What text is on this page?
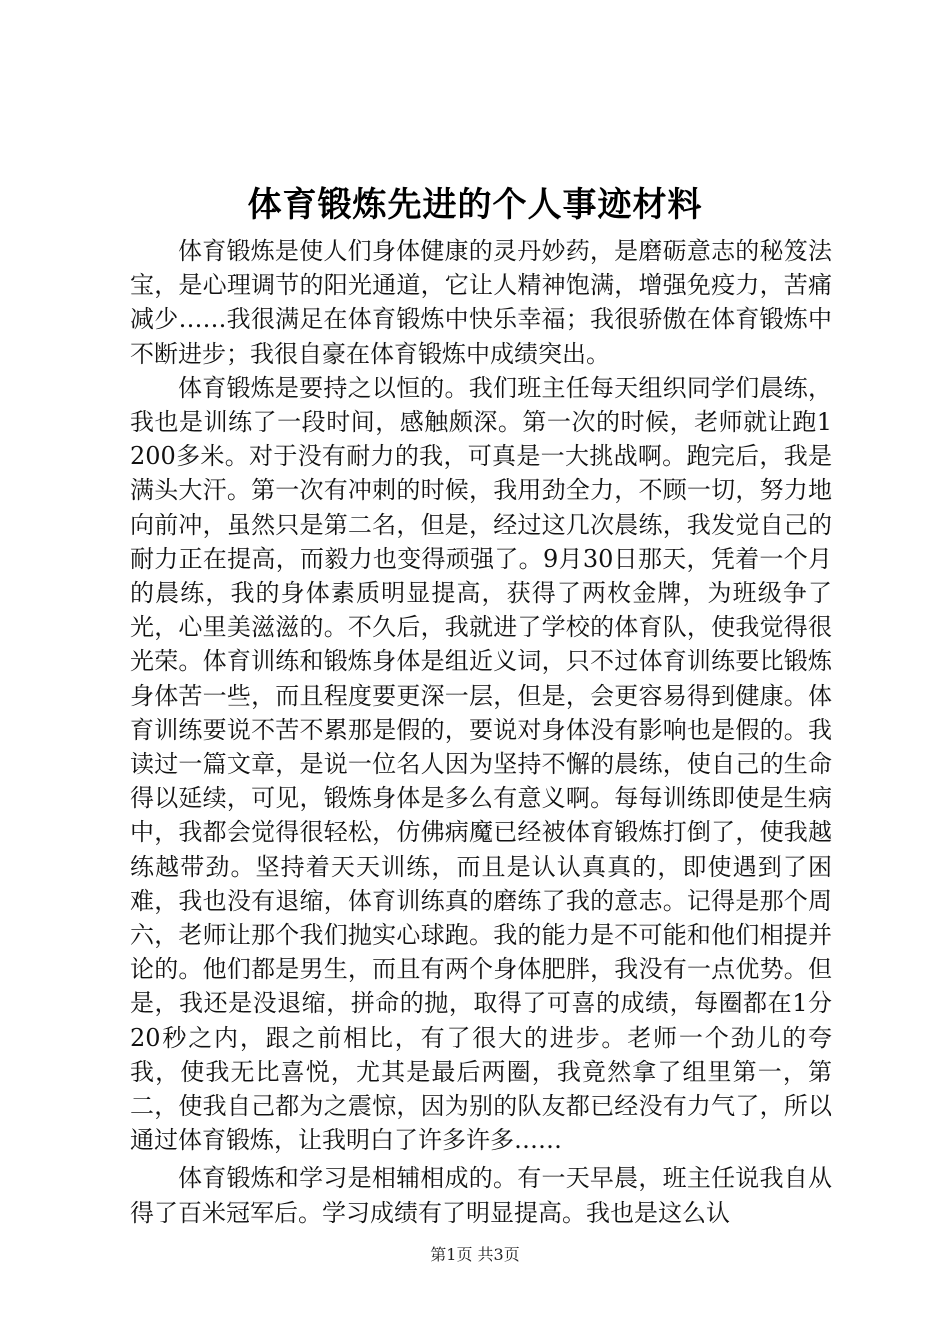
体育锻炼先进的个人事迹材料

体育锻炼是使人们身体健康的灵丹妙药，是磨砺意志的秘笈法宝，是心理调节的阳光通道，它让人精神饱满，增强免疫力，苦痛减少……我很满足在体育锻炼中快乐幸福；我很骄傲在体育锻炼中不断进步；我很自豪在体育锻炼中成绩突出。

体育锻炼是要持之以恒的。我们班主任每天组织同学们晨练，我也是训练了一段时间，感触颇深。第一次的时候，老师就让跑1200多米。对于没有耐力的我，可真是一大挑战啊。跑完后，我是满头大汗。第一次有冲刺的时候，我用劲全力，不顾一切，努力地向前冲，虽然只是第二名，但是，经过这几次晨练，我发觉自己的耐力正在提高，而毅力也变得顽强了。9月30日那天，凭着一个月的晨练，我的身体素质明显提高，获得了两枚金牌，为班级争了光，心里美滋滋的。不久后，我就进了学校的体育队，使我觉得很光荣。体育训练和锻炼身体是组近义词，只不过体育训练要比锻炼身体苦一些，而且程度要更深一层，但是，会更容易得到健康。体育训练要说不苦不累那是假的，要说对身体没有影响也是假的。我读过一篇文章，是说一位名人因为坚持不懈的晨练，使自己的生命得以延续，可见，锻炼身体是多么有意义啊。每每训练即使是生病中，我都会觉得很轻松，仿佛病魔已经被体育锻炼打倒了，使我越练越带劲。坚持着天天训练，而且是认认真真的，即使遇到了困难，我也没有退缩，体育训练真的磨练了我的意志。记得是那个周六，老师让那个我们抛实心球跑。我的能力是不可能和他们相提并论的。他们都是男生，而且有两个身体肥胖，我没有一点优势。但是，我还是没退缩，拼命的抛，取得了可喜的成绩，每圈都在1分20秒之内，跟之前相比，有了很大的进步。老师一个劲儿的夸我，使我无比喜悦，尤其是最后两圈，我竟然拿了组里第一，第二，使我自己都为之震惊，因为别的队友都已经没有力气了，所以通过体育锻炼，让我明白了许多许多……

体育锻炼和学习是相辅相成的。有一天早晨，班主任说我自从得了百米冠军后。学习成绩有了明显提高。我也是这么认

第1页 共3页
